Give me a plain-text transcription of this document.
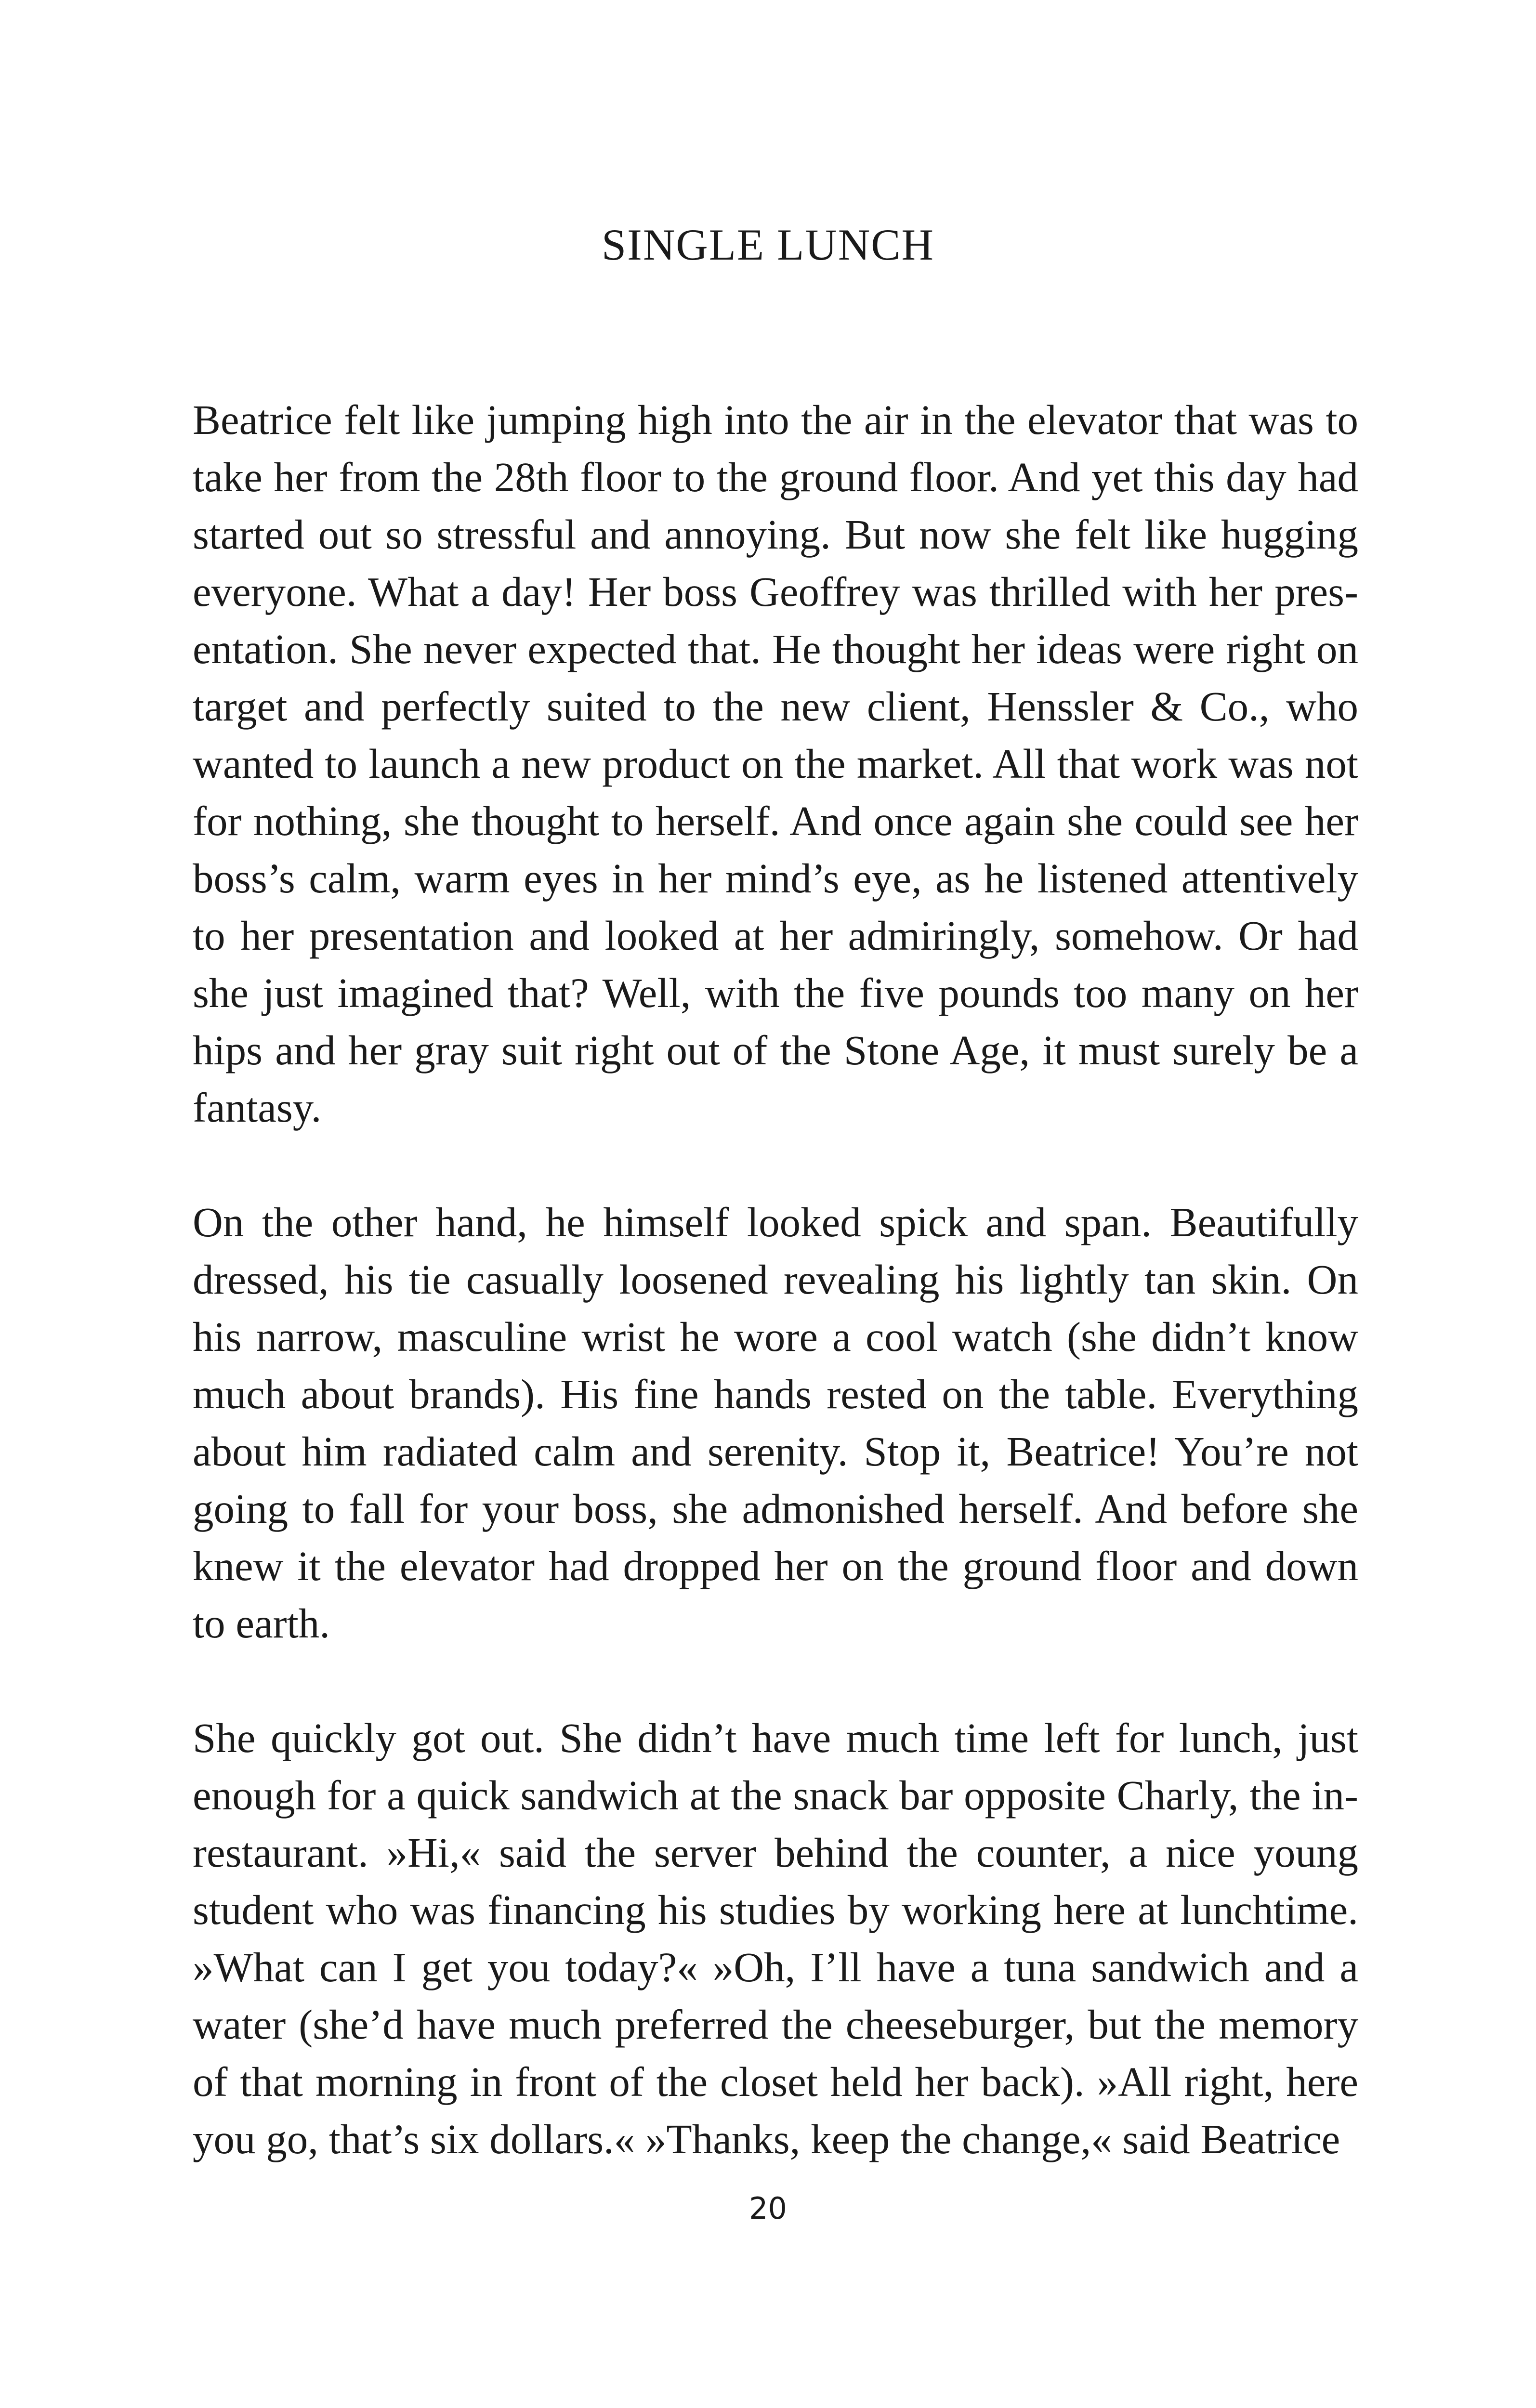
SINGLE LUNCH

Beatrice felt like jumping high into the air in the elevator that was to take her from the 28th floor to the ground floor. And yet this day had started out so stressful and annoying. But now she felt like hugging everyone. What a day! Her boss Geoffrey was thrilled with her presentation. She never expected that. He thought her ideas were right on target and perfectly suited to the new client, Henssler & Co., who wanted to launch a new product on the market. All that work was not for nothing, she thought to herself. And once again she could see her boss’s calm, warm eyes in her mind’s eye, as he listened attentively to her presentation and looked at her admiringly, somehow. Or had she just imagined that? Well, with the five pounds too many on her hips and her gray suit right out of the Stone Age, it must surely be a fantasy.

On the other hand, he himself looked spick and span. Beautifully dressed, his tie casually loosened revealing his lightly tan skin. On his narrow, masculine wrist he wore a cool watch (she didn’t know much about brands). His fine hands rested on the table. Everything about him radiated calm and serenity. Stop it, Beatrice! You’re not going to fall for your boss, she admonished herself. And before she knew it the elevator had dropped her on the ground floor and down to earth.

She quickly got out. She didn’t have much time left for lunch, just enough for a quick sandwich at the snack bar opposite Charly, the in-restaurant. »Hi,« said the server behind the counter, a nice young student who was financing his studies by working here at lunchtime. »What can I get you today?« »Oh, I’ll have a tuna sandwich and a water (she’d have much preferred the cheeseburger, but the memory of that morning in front of the closet held her back). »All right, here you go, that’s six dollars.« »Thanks, keep the change,« said Beatrice

20
